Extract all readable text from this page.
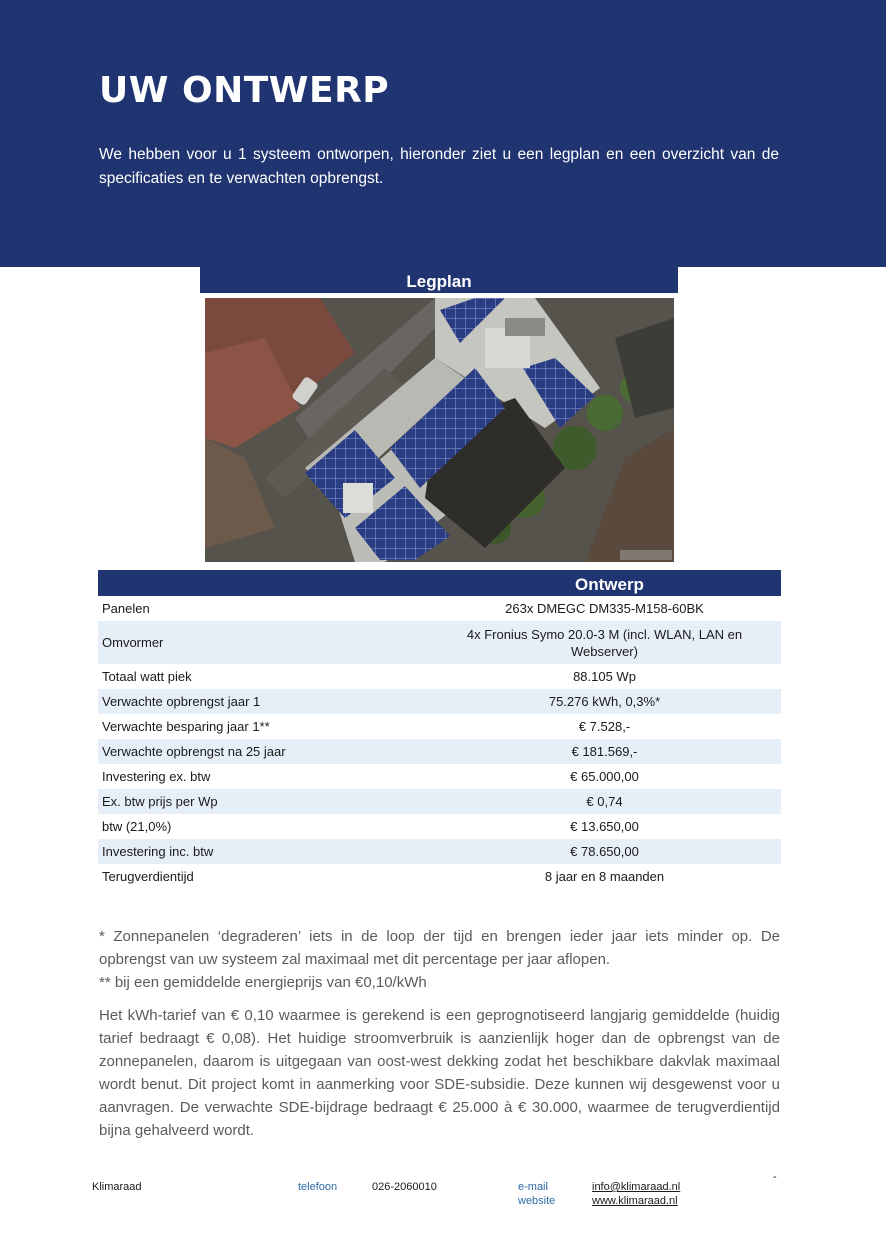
UW ONTWERP

We hebben voor u 1 systeem ontworpen, hieronder ziet u een legplan en een overzicht van de specificaties en te verwachten opbrengst.

Legplan
Ontwerp
Panelen	263x DMEGC DM335-M158-60BK
Omvormer	4x Fronius Symo 20.0-3 M (incl. WLAN, LAN en Webserver)
Totaal watt piek	88.105 Wp
Verwachte opbrengst jaar 1	75.276 kWh, 0,3%*
Verwachte besparing jaar 1**	€ 7.528,-
Verwachte opbrengst na 25 jaar	€ 181.569,-
Investering ex. btw	€ 65.000,00
Ex. btw prijs per Wp	€ 0,74
btw (21,0%)	€ 13.650,00
Investering inc. btw	€ 78.650,00
Terugverdientijd	8 jaar en 8 maanden

* Zonnepanelen ‘degraderen’ iets in de loop der tijd en brengen ieder jaar iets minder op. De opbrengst van uw systeem zal maximaal met dit percentage per jaar aflopen.

** bij een gemiddelde energieprijs van €0,10/kWh

Het kWh-tarief van € 0,10 waarmee is gerekend is een geprognotiseerd langjarig gemiddelde (huidig tarief bedraagt € 0,08). Het huidige stroomverbruik is aanzienlijk hoger dan de opbrengst van de zonnepanelen, daarom is uitgegaan van oost-west dekking zodat het beschikbare dakvlak maximaal wordt benut. Dit project komt in aanmerking voor SDE-subsidie. Deze kunnen wij desgewenst voor u aanvragen. De verwachte SDE-bijdrage bedraagt € 25.000 à € 30.000, waarmee de terugverdientijd bijna gehalveerd wordt.

Klimaraad	telefoon	026-2060010	e-mail	info@klimaraad.nl
website	www.klimaraad.nl
-
